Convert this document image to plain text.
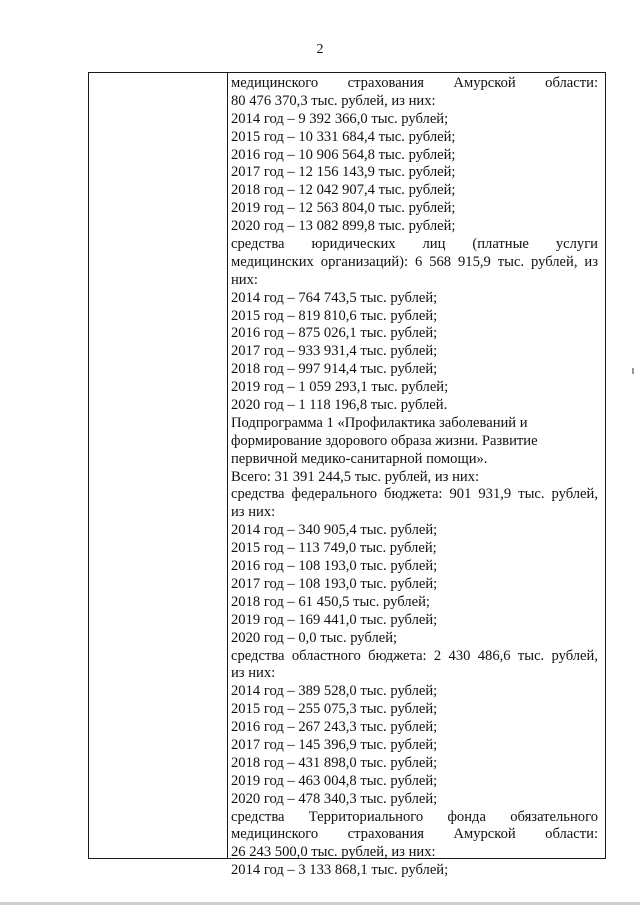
2
медицинского страхования Амурской области:
80 476 370,3 тыс. рублей, из них:
2014 год – 9 392 366,0 тыс. рублей;
2015 год – 10 331 684,4 тыс. рублей;
2016 год – 10 906 564,8 тыс. рублей;
2017 год – 12 156 143,9 тыс. рублей;
2018 год – 12 042 907,4 тыс. рублей;
2019 год – 12 563 804,0 тыс. рублей;
2020 год – 13 082 899,8 тыс. рублей;
средства юридических лиц (платные услуги
медицинских организаций): 6 568 915,9 тыс. рублей, из
них:
2014 год – 764 743,5 тыс. рублей;
2015 год – 819 810,6 тыс. рублей;
2016 год – 875 026,1 тыс. рублей;
2017 год – 933 931,4 тыс. рублей;
2018 год – 997 914,4 тыс. рублей;
2019 год – 1 059 293,1 тыс. рублей;
2020 год – 1 118 196,8 тыс. рублей.
Подпрограмма 1 «Профилактика заболеваний и
формирование здорового образа жизни. Развитие
первичной медико-санитарной помощи».
Всего: 31 391 244,5 тыс. рублей, из них:
средства федерального бюджета: 901 931,9 тыс. рублей,
из них:
2014 год – 340 905,4 тыс. рублей;
2015 год – 113 749,0 тыс. рублей;
2016 год – 108 193,0 тыс. рублей;
2017 год – 108 193,0 тыс. рублей;
2018 год – 61 450,5 тыс. рублей;
2019 год – 169 441,0 тыс. рублей;
2020 год – 0,0 тыс. рублей;
средства областного бюджета: 2 430 486,6 тыс. рублей,
из них:
2014 год – 389 528,0 тыс. рублей;
2015 год – 255 075,3 тыс. рублей;
2016 год – 267 243,3 тыс. рублей;
2017 год – 145 396,9 тыс. рублей;
2018 год – 431 898,0 тыс. рублей;
2019 год – 463 004,8 тыс. рублей;
2020 год – 478 340,3 тыс. рублей;
средства Территориального фонда обязательного
медицинского страхования Амурской области:
26 243 500,0 тыс. рублей, из них:
2014 год – 3 133 868,1 тыс. рублей;
